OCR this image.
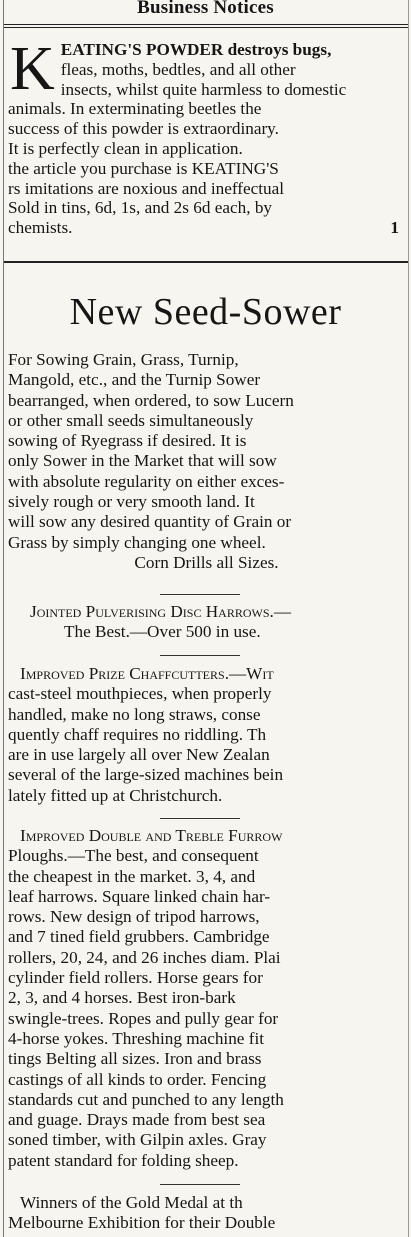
Business Notices
K EATING'S POWDER destroys bugs,
fleas, moths, bedtles, and all other
insects, whilst quite harmless to domestic
animals. In exterminating beetles the
success of this powder is extraordinary.
It is perfectly clean in application.
the article you purchase is KEATING'S
rs imitations are noxious and ineffectual
Sold in tins, 6d, 1s, and 2s 6d each, by
chemists.	1
New Seed-Sower
For Sowing Grain, Grass, Turnip,
Mangold, etc., and the Turnip Sower
bearranged, when ordered, to sow Lucern
or other small seeds simultaneously
sowing of Ryegrass if desired. It is
only Sower in the Market that will sow
with absolute regularity on either exces-
sively rough or very smooth land. It
will sow any desired quantity of Grain or
Grass by simply changing one wheel.
Corn Drills all Sizes.
Jointed Pulverising Disc Harrows.—
The Best.—Over 500 in use.
Improved Prize Chaffcutters.—Wit
cast-steel mouthpieces, when properly
handled, make no long straws, conse
quently chaff requires no riddling. Th
are in use largely all over New Zealan
several of the large-sized machines bein
lately fitted up at Christchurch.
Improved Double and Treble Furrow
Ploughs.—The best, and consequent
the cheapest in the market. 3, 4, and
leaf harrows. Square linked chain har-
rows. New design of tripod harrows,
and 7 tined field grubbers. Cambridge
rollers, 20, 24, and 26 inches diam. Plai
cylinder field rollers. Horse gears for
2, 3, and 4 horses. Best iron-bark
swingle-trees. Ropes and pully gear for
4-horse yokes. Threshing machine fit
tings Belting all sizes. Iron and brass
castings of all kinds to order. Fencing
standards cut and punched to any length
and guage. Drays made from best sea
soned timber, with Gilpin axles. Gray
patent standard for folding sheep.
Winners of the Gold Medal at th
Melbourne Exhibition for their Double
